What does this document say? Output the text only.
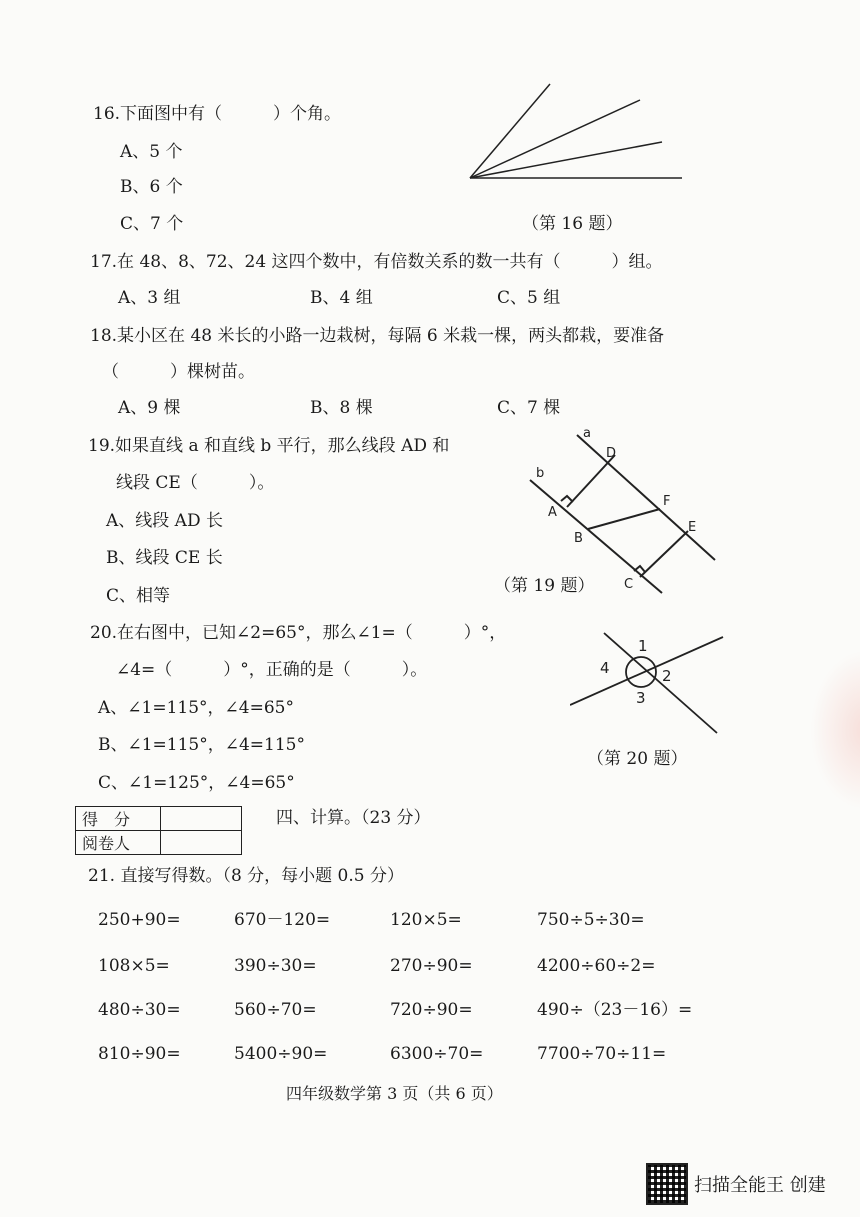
16.下面图中有（　　　）个角。
A、5 个
B、6 个
C、7 个	（第 16 题）
17.在 48、8、72、24 这四个数中，有倍数关系的数一共有（　　　）组。
A、3 组	B、4 组	C、5 组
18.某小区在 48 米长的小路一边栽树，每隔 6 米栽一棵，两头都栽，要准备
（　　　）棵树苗。
A、9 棵	B、8 棵	C、7 棵
19.如果直线 a 和直线 b 平行，那么线段 AD 和
线段 CE（　　　）。
A、线段 AD 长
B、线段 CE 长
C、相等
a
b
D
A
F
B
E
C
（第 19 题）
20.在右图中，已知∠2=65°，那么∠1=（　　　）°，
∠4=（　　　）°，正确的是（　　　）。
A、∠1=115°，∠4=65°
B、∠1=115°，∠4=115°
C、∠1=125°，∠4=65°
1
2
3
4
（第 20 题）
得　分	
阅卷人	
四、计算。（23 分）
21. 直接写得数。（8 分，每小题 0.5 分）
250+90=	670－120=	120×5=	750÷5÷30=
108×5=	390÷30=	270÷90=	4200÷60÷2=
480÷30=	560÷70=	720÷90=	490÷（23－16）=
810÷90=	5400÷90=	6300÷70=	7700÷70÷11=
四年级数学第 3 页（共 6 页）
扫描全能王 创建
